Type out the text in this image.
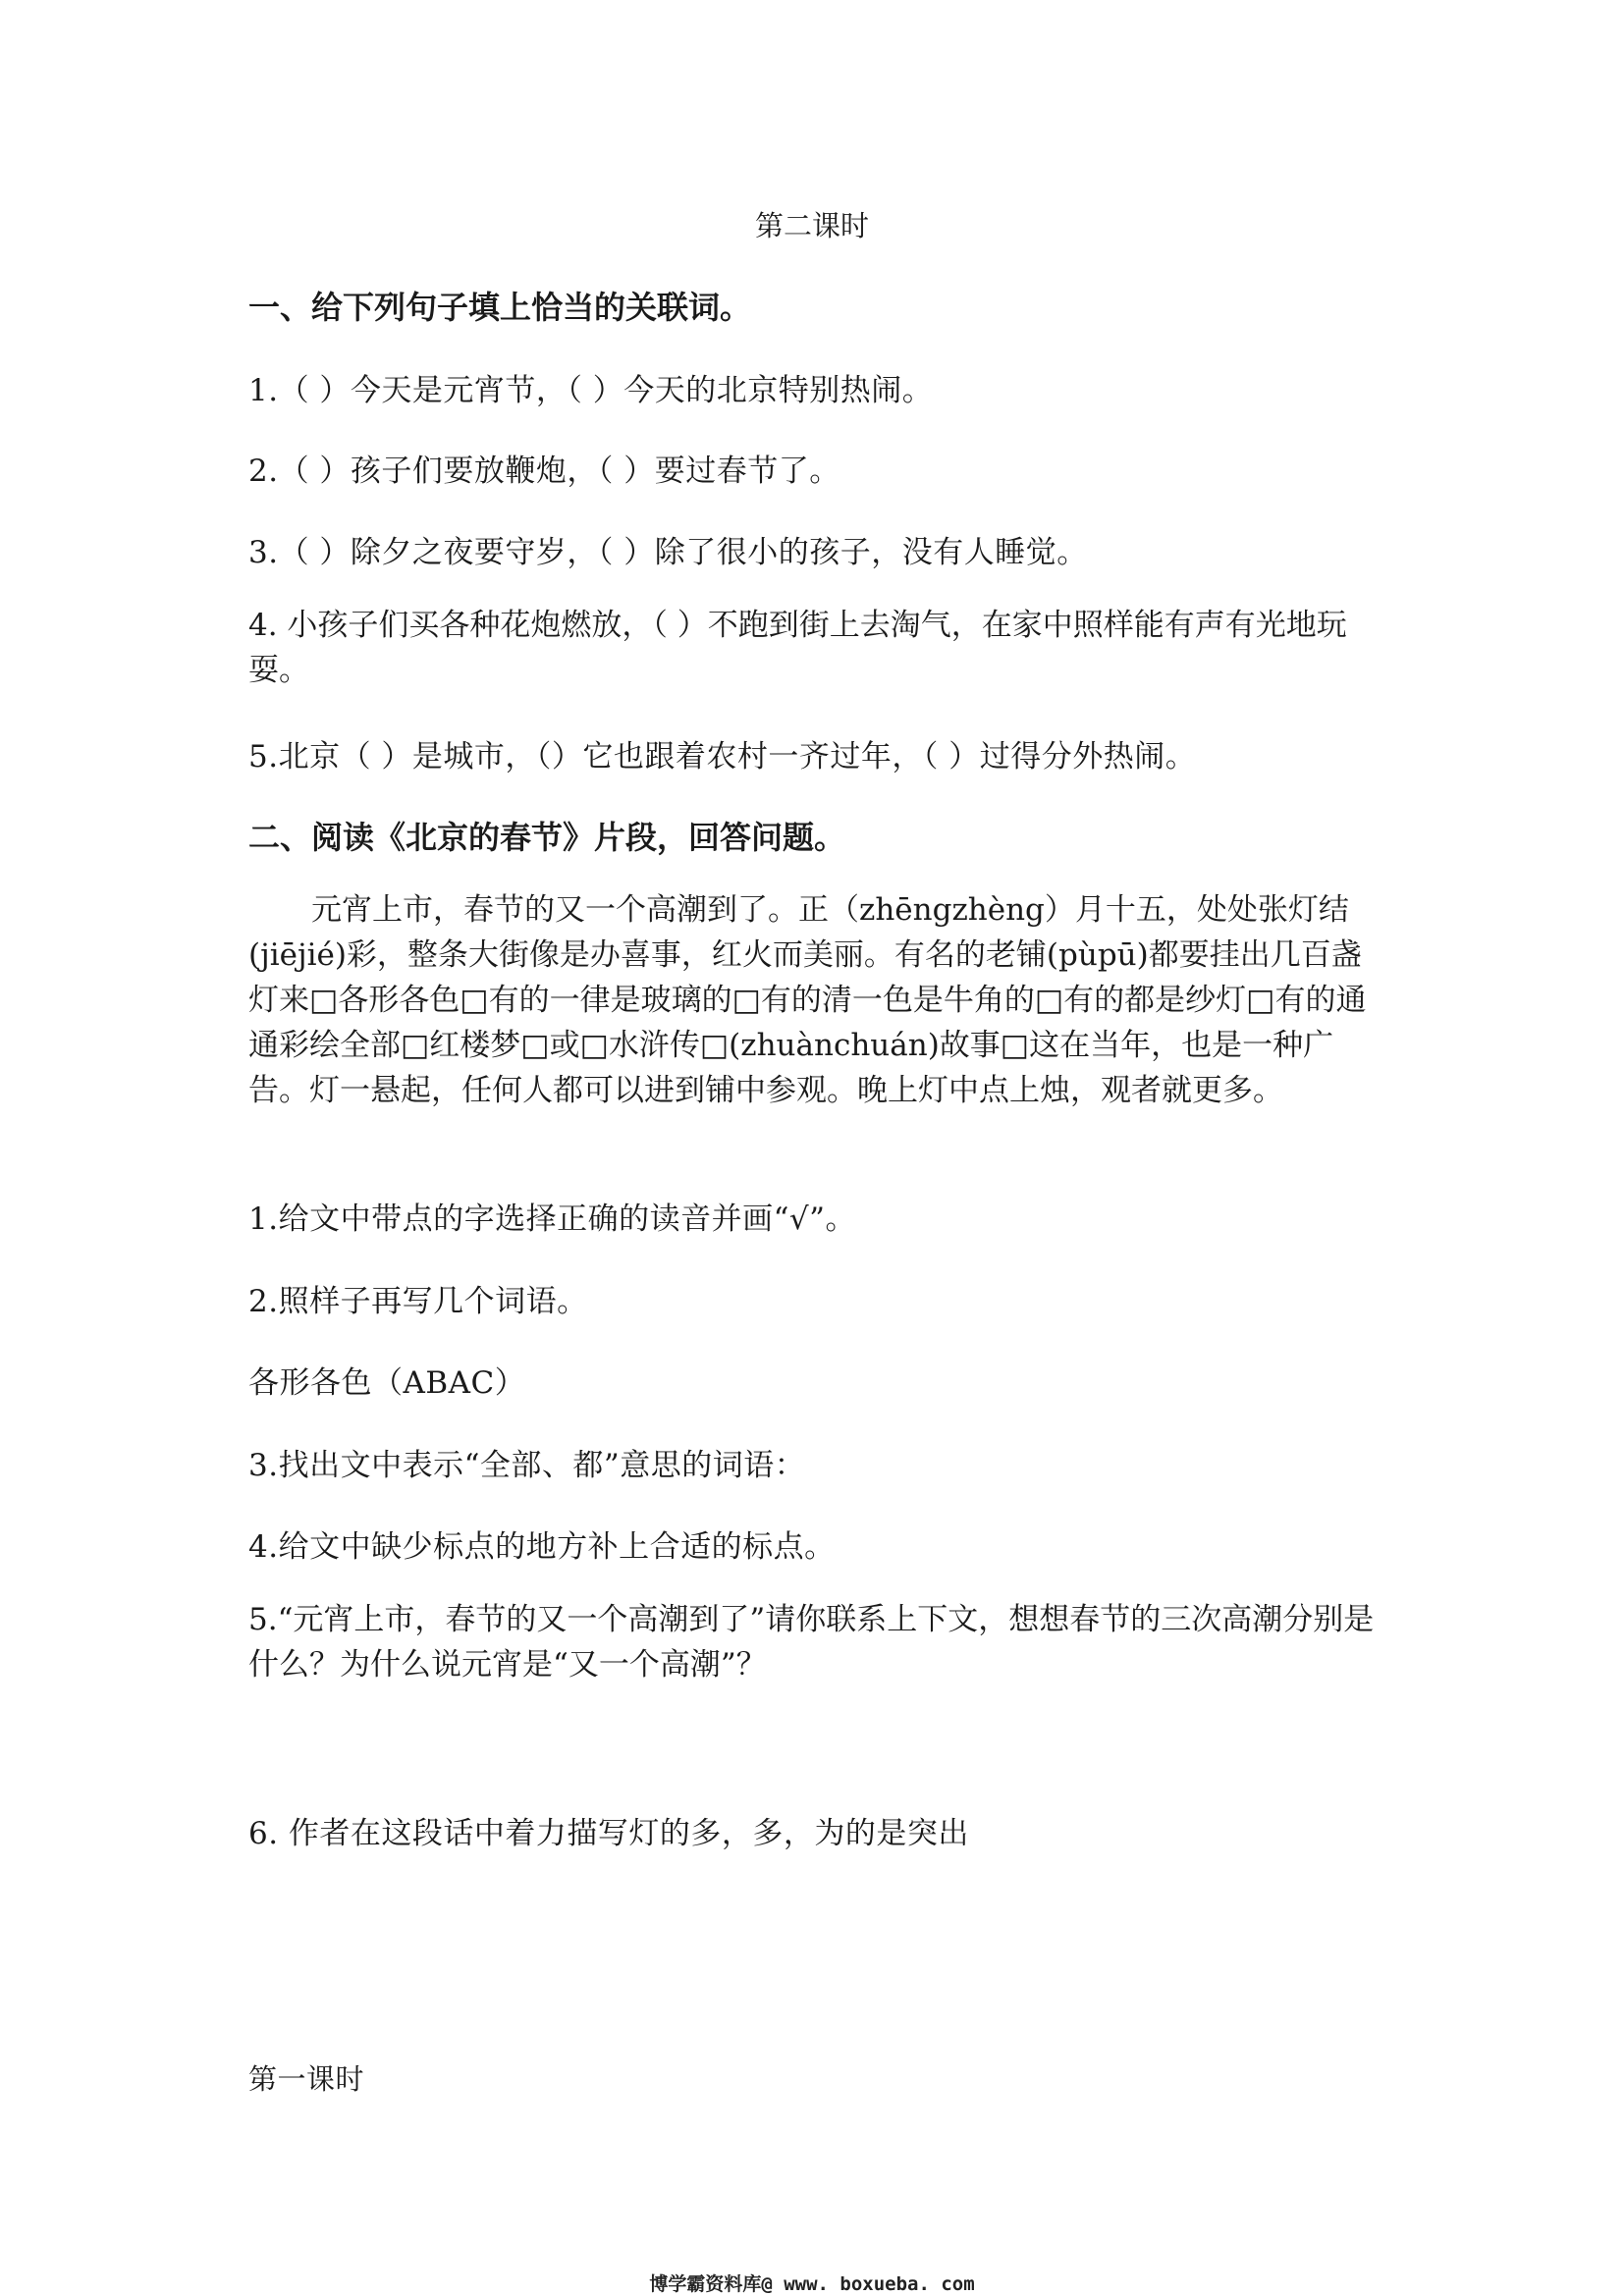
第二课时
一、给下列句子填上恰当的关联词。
1.（ ）今天是元宵节，（ ）今天的北京特别热闹。
2.（ ）孩子们要放鞭炮，（ ）要过春节了。
3.（ ）除夕之夜要守岁，（ ）除了很小的孩子，没有人睡觉。

4. 小孩子们买各种花炮燃放，（ ）不跑到街上去淘气，在家中照样能有声有光地玩耍。

5.北京（ ）是城市，（）它也跟着农村一齐过年，（ ）过得分外热闹。
二、阅读《北京的春节》片段，回答问题。

元宵上市，春节的又一个高潮到了。正（zhēngzhèng）月十五，处处张灯结(jiējié)彩，整条大街像是办喜事，红火而美丽。有名的老铺(pùpū)都要挂出几百盏灯来□各形各色□有的一律是玻璃的□有的清一色是牛角的□有的都是纱灯□有的通通彩绘全部□红楼梦□或□水浒传□(zhuànchuán)故事□这在当年，也是一种广告。灯一悬起，任何人都可以进到铺中参观。晚上灯中点上烛，观者就更多。

1.给文中带点的字选择正确的读音并画“√”。
2.照样子再写几个词语。
各形各色（ABAC）
3.找出文中表示“全部、都”意思的词语：
4.给文中缺少标点的地方补上合适的标点。

5.“元宵上市，春节的又一个高潮到了”请你联系上下文，想想春节的三次高潮分别是什么？为什么说元宵是“又一个高潮”？

6. 作者在这段话中着力描写灯的多，多，为的是突出
第一课时
博学霸资料库@ www. boxueba. com
